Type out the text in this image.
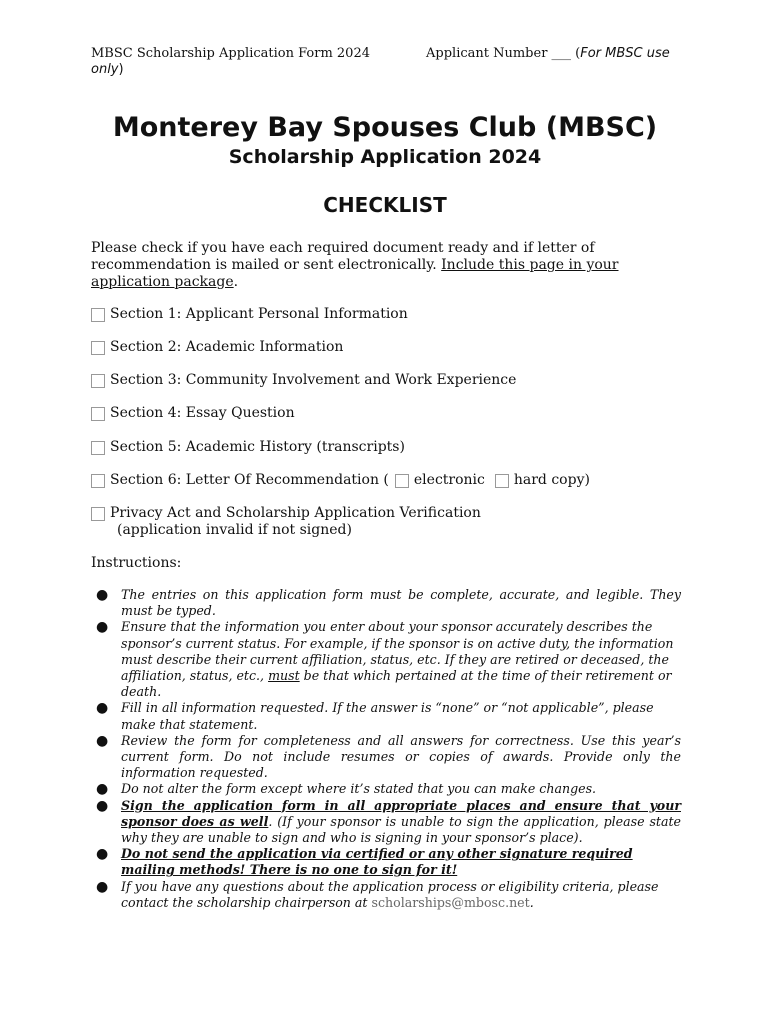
MBSC Scholarship Application Form 2024	Applicant Number ___ (For MBSC use
only)
Monterey Bay Spouses Club (MBSC)
Scholarship Application 2024
CHECKLIST
Please check if you have each required document ready and if letter of recommendation is mailed or sent electronically. Include this page in your application package.
Section 1: Applicant Personal Information
Section 2: Academic Information
Section 3: Community Involvement and Work Experience
Section 4: Essay Question
Section 5: Academic History (transcripts)
Section 6: Letter Of Recommendation ( electronic hard copy)
Privacy Act and Scholarship Application Verification
(application invalid if not signed)
Instructions:
● The entries on this application form must be complete, accurate, and legible. They must be typed.
● Ensure that the information you enter about your sponsor accurately describes the sponsor’s current status. For example, if the sponsor is on active duty, the information must describe their current affiliation, status, etc. If they are retired or deceased, the affiliation, status, etc., must be that which pertained at the time of their retirement or death.
● Fill in all information requested. If the answer is “none” or “not applicable”, please make that statement.
● Review the form for completeness and all answers for correctness. Use this year’s current form. Do not include resumes or copies of awards. Provide only the information requested.
● Do not alter the form except where it’s stated that you can make changes.
● Sign the application form in all appropriate places and ensure that your sponsor does as well. (If your sponsor is unable to sign the application, please state why they are unable to sign and who is signing in your sponsor’s place).
● Do not send the application via certified or any other signature required mailing methods! There is no one to sign for it!
● If you have any questions about the application process or eligibility criteria, please contact the scholarship chairperson at scholarships@mbosc.net.
